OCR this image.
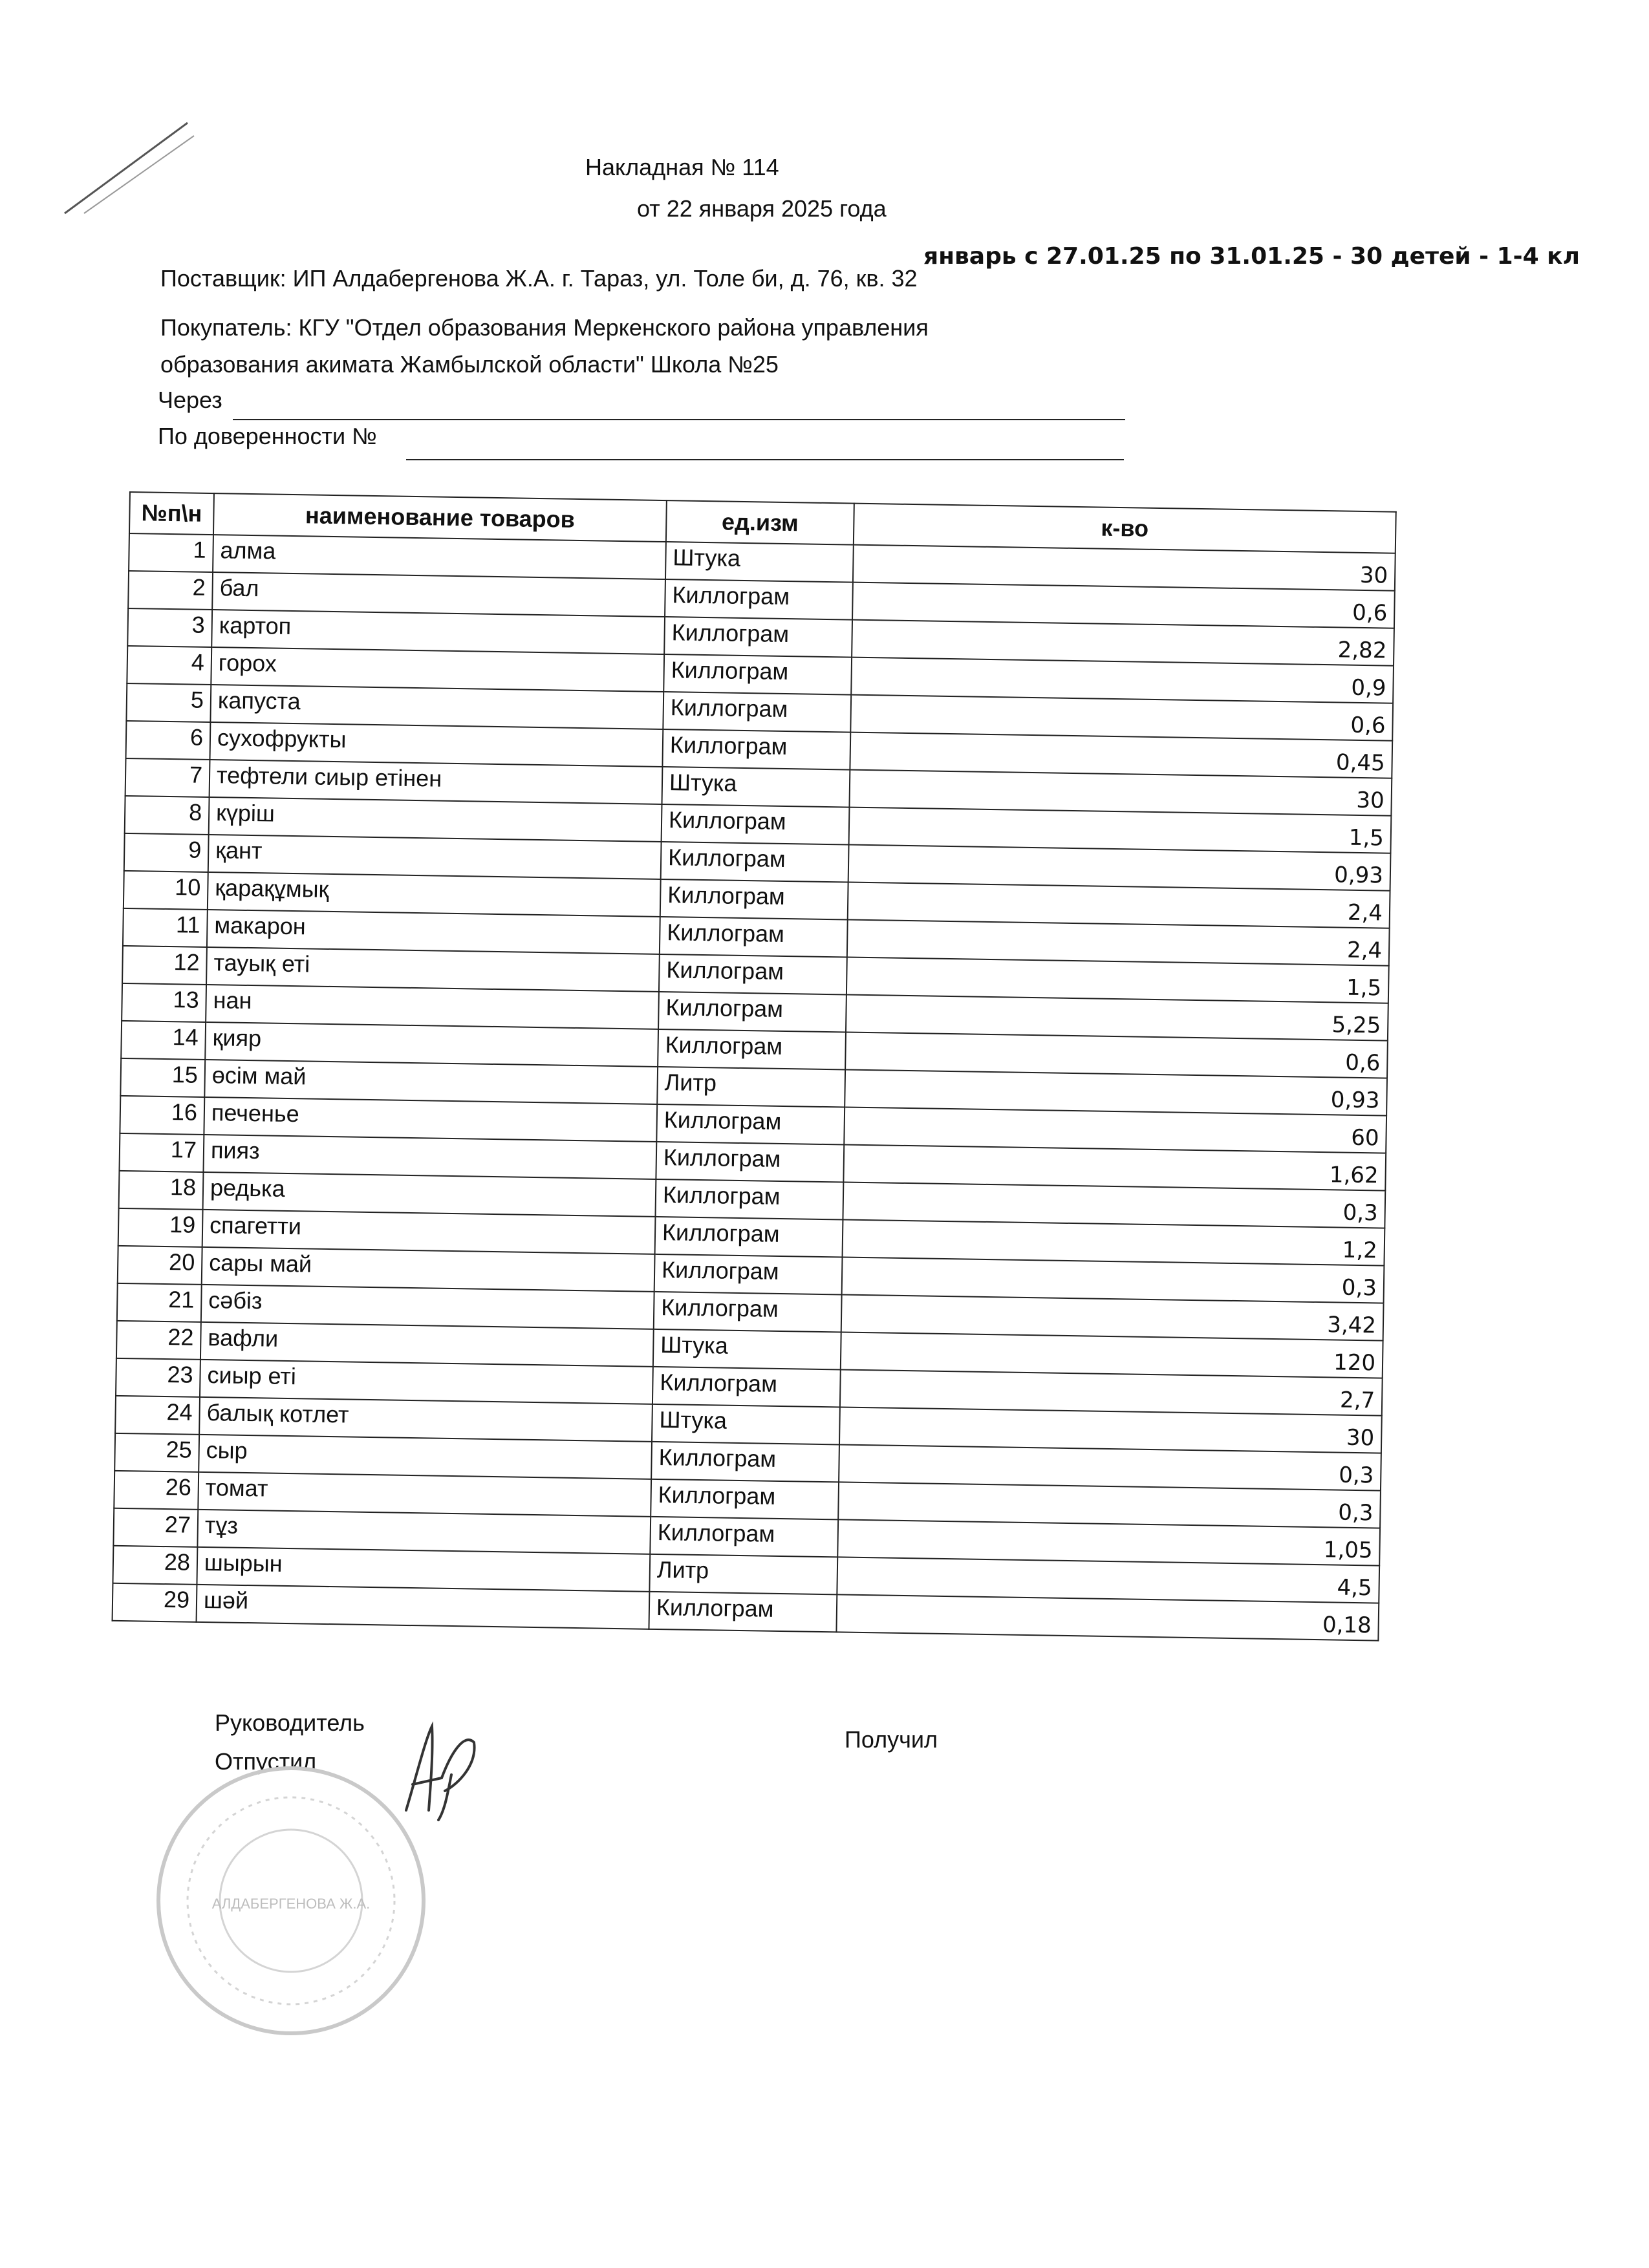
Накладная № 114
от 22 января 2025 года
январь с 27.01.25 по 31.01.25 - 30 детей - 1-4 кл
Поставщик: ИП Алдабергенова Ж.А. г. Тараз, ул. Толе би, д. 76, кв. 32
Покупатель: КГУ "Отдел образования Меркенского района управления
образования акимата Жамбылской области" Школа №25
Через
По доверенности №
№п\н	наименование товаров	ед.изм	к-во
1	алма	Штука	30
2	бал	Киллограм	0,6
3	картоп	Киллограм	2,82
4	горох	Киллограм	0,9
5	капуста	Киллограм	0,6
6	сухофрукты	Киллограм	0,45
7	тефтели сиыр етінен	Штука	30
8	күріш	Киллограм	1,5
9	қант	Киллограм	0,93
10	қарақұмық	Киллограм	2,4
11	макарон	Киллограм	2,4
12	тауық еті	Киллограм	1,5
13	нан	Киллограм	5,25
14	қияр	Киллограм	0,6
15	өсім май	Литр	0,93
16	печенье	Киллограм	60
17	пияз	Киллограм	1,62
18	редька	Киллограм	0,3
19	спагетти	Киллограм	1,2
20	сары май	Киллограм	0,3
21	сәбіз	Киллограм	3,42
22	вафли	Штука	120
23	сиыр еті	Киллограм	2,7
24	балық котлет	Штука	30
25	сыр	Киллограм	0,3
26	томат	Киллограм	0,3
27	тұз	Киллограм	1,05
28	шырын	Литр	4,5
29	шәй	Киллограм	0,18
Руководитель
Отпустил
Получил
АЛДАБЕРГЕНОВА Ж.А.
